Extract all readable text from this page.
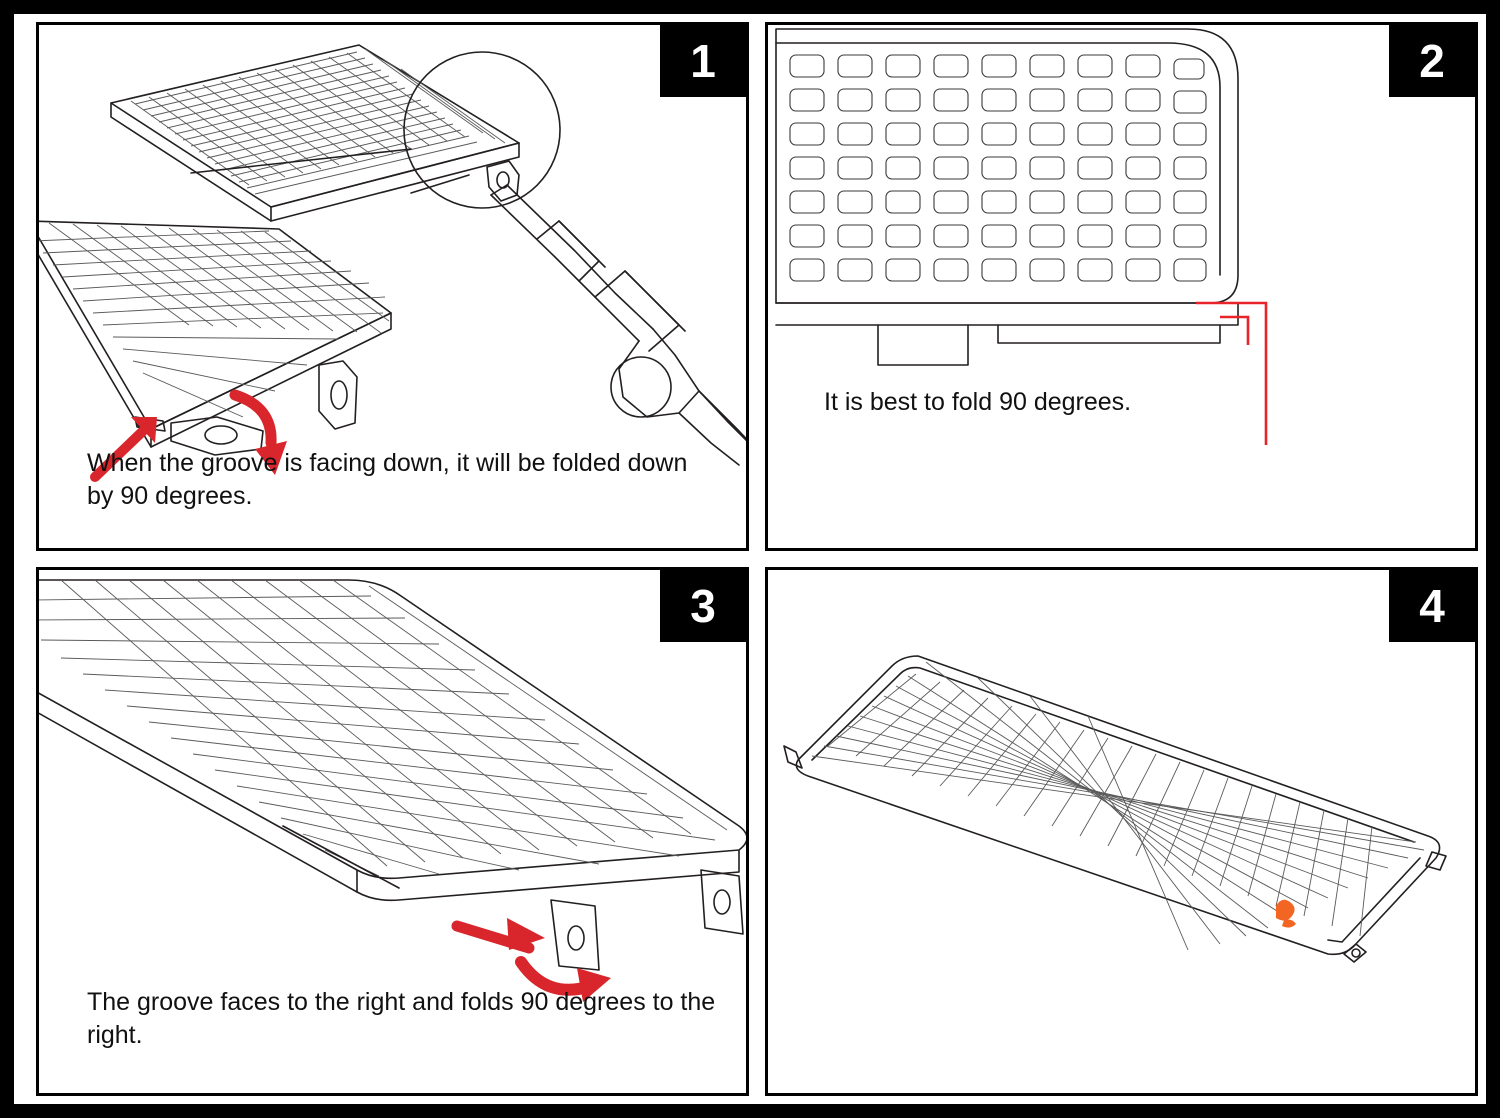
1
When the groove is facing down, it will be folded down by 90 degrees.
2
It is best to fold 90 degrees.
3
The groove faces to the right and folds 90 degrees to the right.
4
